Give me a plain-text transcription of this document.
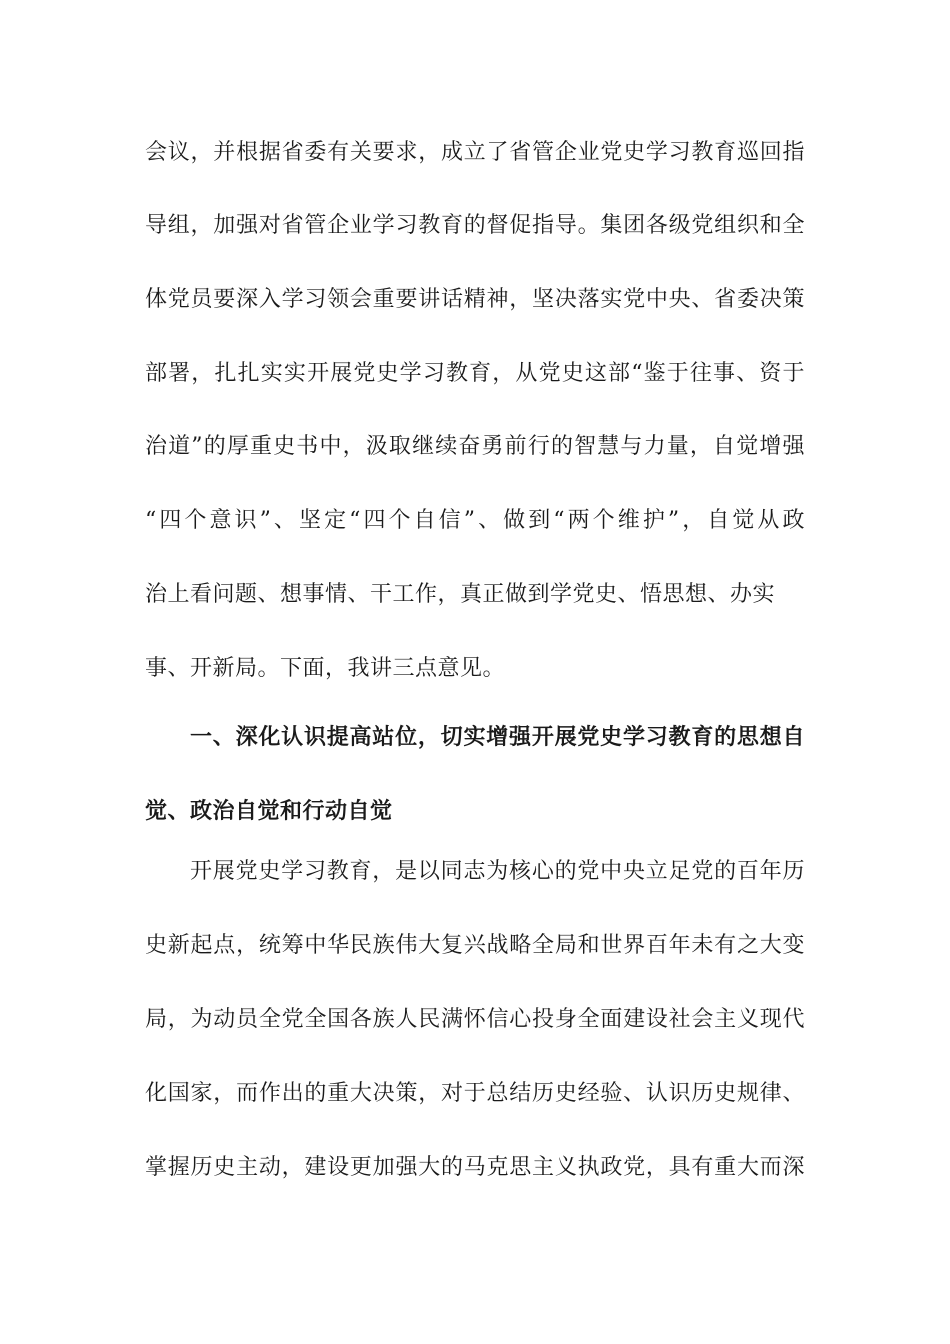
会议，并根据省委有关要求，成立了省管企业党史学习教育巡回指
导组，加强对省管企业学习教育的督促指导。集团各级党组织和全
体党员要深入学习领会重要讲话精神，坚决落实党中央、省委决策
部署，扎扎实实开展党史学习教育，从党史这部“鉴于往事、资于
治道”的厚重史书中，汲取继续奋勇前行的智慧与力量，自觉增强
“四个意识”、坚定“四个自信”、做到“两个维护”，自觉从政
治上看问题、想事情、干工作，真正做到学党史、悟思想、办实
事、开新局。下面，我讲三点意见。
一、深化认识提高站位，切实增强开展党史学习教育的思想自
觉、政治自觉和行动自觉
开展党史学习教育，是以同志为核心的党中央立足党的百年历
史新起点，统筹中华民族伟大复兴战略全局和世界百年未有之大变
局，为动员全党全国各族人民满怀信心投身全面建设社会主义现代
化国家，而作出的重大决策，对于总结历史经验、认识历史规律、
掌握历史主动，建设更加强大的马克思主义执政党，具有重大而深
